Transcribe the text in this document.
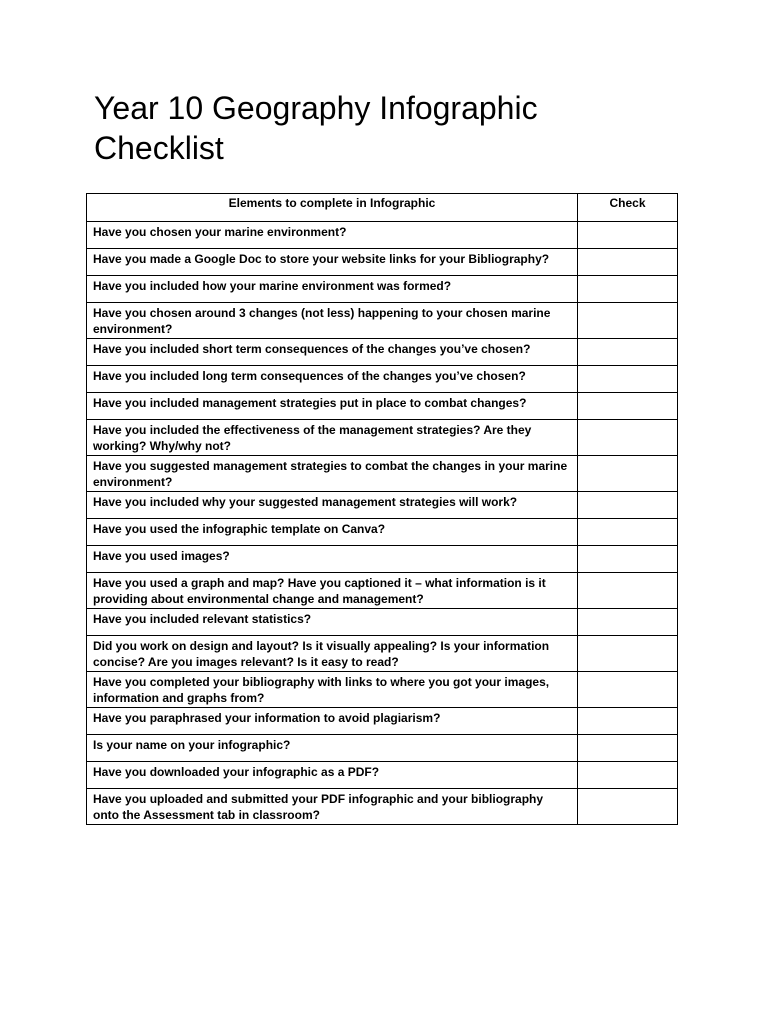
Year 10 Geography Infographic Checklist
Elements to complete in Infographic	Check
Have you chosen your marine environment?	
Have you made a Google Doc to store your website links for your Bibliography?	
Have you included how your marine environment was formed?	
Have you chosen around 3 changes (not less) happening to your chosen marine environment?	
Have you included short term consequences of the changes you’ve chosen?	
Have you included long term consequences of the changes you’ve chosen?	
Have you included management strategies put in place to combat changes?	
Have you included the effectiveness of the management strategies? Are they working? Why/why not?	
Have you suggested management strategies to combat the changes in your marine environment?	
Have you included why your suggested management strategies will work?	
Have you used the infographic template on Canva?	
Have you used images?	
Have you used a graph and map? Have you captioned it – what information is it providing about environmental change and management?	
Have you included relevant statistics?	
Did you work on design and layout? Is it visually appealing? Is your information concise? Are you images relevant? Is it easy to read?	
Have you completed your bibliography with links to where you got your images, information and graphs from?	
Have you paraphrased your information to avoid plagiarism?	
Is your name on your infographic?	
Have you downloaded your infographic as a PDF?	
Have you uploaded and submitted your PDF infographic and your bibliography onto the Assessment tab in classroom?	
